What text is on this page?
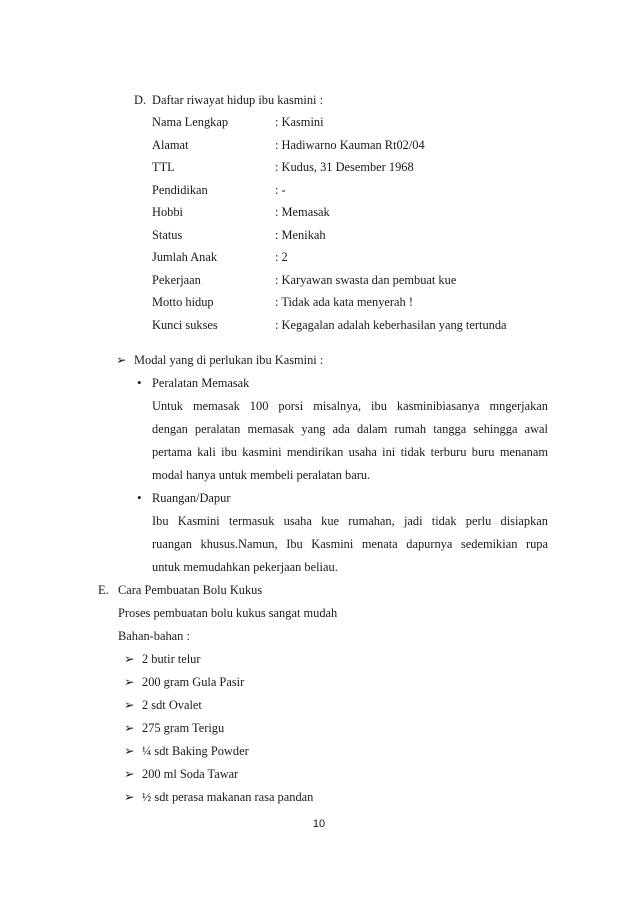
D. Daftar riwayat hidup ibu kasmini :
Nama Lengkap	: Kasmini
Alamat	: Hadiwarno Kauman Rt02/04
TTL	: Kudus, 31 Desember 1968
Pendidikan	: -
Hobbi	: Memasak
Status	: Menikah
Jumlah Anak	: 2
Pekerjaan	: Karyawan swasta dan pembuat kue
Motto hidup	: Tidak ada kata menyerah !
Kunci sukses	: Kegagalan adalah keberhasilan yang tertunda
➢ Modal yang di perlukan ibu Kasmini :
• Peralatan Memasak
Untuk memasak 100 porsi misalnya, ibu kasminibiasanya mngerjakan
dengan peralatan memasak yang ada dalam rumah tangga sehingga awal
pertama kali ibu kasmini mendirikan usaha ini tidak terburu buru menanam
modal hanya untuk membeli peralatan baru.
• Ruangan/Dapur
Ibu Kasmini termasuk usaha kue rumahan, jadi tidak perlu disiapkan
ruangan khusus.Namun, Ibu Kasmini menata dapurnya sedemikian rupa
untuk memudahkan pekerjaan beliau.
E. Cara Pembuatan Bolu Kukus
Proses pembuatan bolu kukus sangat mudah
Bahan-bahan :
➢ 2 butir telur
➢ 200 gram Gula Pasir
➢ 2 sdt Ovalet
➢ 275 gram Terigu
➢ ¼ sdt Baking Powder
➢ 200 ml Soda Tawar
➢ ½ sdt perasa makanan rasa pandan
10
